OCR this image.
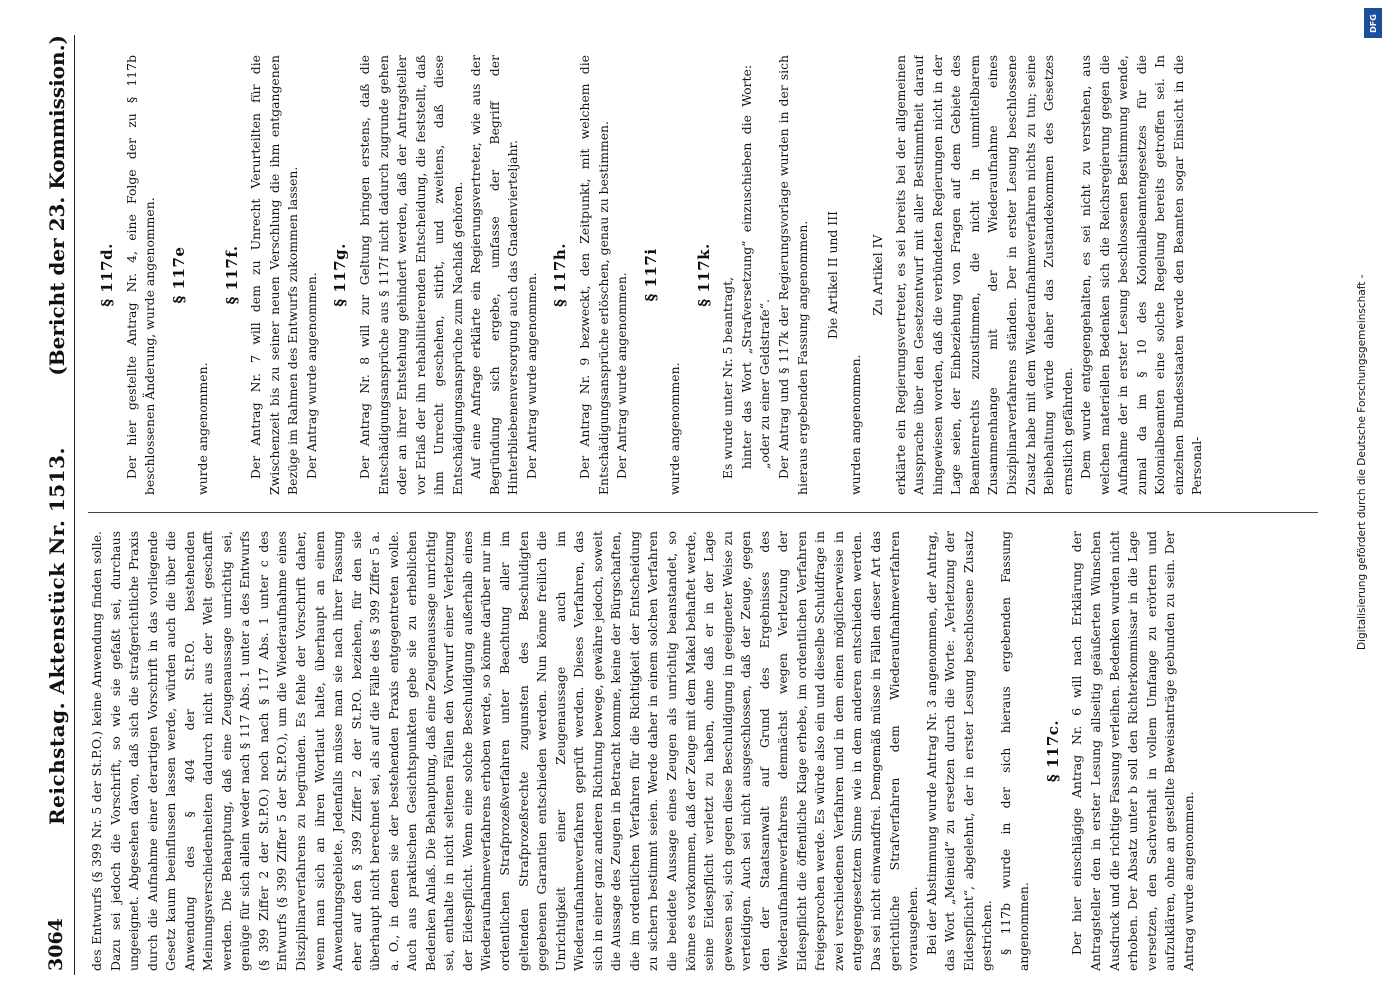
3064
Reichstag. Aktenstück Nr. 1513.
(Bericht der 23. Kommission.)

des Entwurfs (§ 399 Nr. 5 der St.P.O.) keine Anwendung finden solle. Dazu sei jedoch die Vorschrift, so wie sie gefaßt sei, durchaus ungeeignet. Abgesehen davon, daß sich die strafgerichtliche Praxis durch die Aufnahme einer derartigen Vorschrift in das vorliegende Gesetz kaum beeinflussen lassen werde, würden auch die über die Anwendung des § 404 der St.P.O. bestehenden Meinungsverschiedenheiten dadurch nicht aus der Welt geschafft werden. Die Behauptung, daß eine Zeugenaussage unrichtig sei, genüge für sich allein weder nach § 117 Abs. 1 unter a des Entwurfs (§ 399 Ziffer 2 der St.P.O.) noch nach § 117 Abs. 1 unter c des Entwurfs (§ 399 Ziffer 5 der St.P.O.), um die Wiederaufnahme eines Disziplinarverfahrens zu begründen. Es fehle der Vorschrift daher, wenn man sich an ihren Wortlaut halte, überhaupt an einem Anwendungsgebiete. Jedenfalls müsse man sie nach ihrer Fassung eher auf den § 399 Ziffer 2 der St.P.O. beziehen, für den sie überhaupt nicht berechnet sei, als auf die Fälle des § 399 Ziffer 5 a. a. O., in denen sie der bestehenden Praxis entgegentreten wolle. Auch aus praktischen Gesichtspunkten gebe sie zu erheblichen Bedenken Anlaß. Die Behauptung, daß eine Zeugenaussage unrichtig sei, enthalte in nicht seltenen Fällen den Vorwurf einer Verletzung der Eidespflicht. Wenn eine solche Beschuldigung außerhalb eines Wiederaufnahmeverfahrens erhoben werde, so könne darüber nur im ordentlichen Strafprozeßverfahren unter Beachtung aller im geltenden Strafprozeßrechte zugunsten des Beschuldigten gegebenen Garantien entschieden werden. Nun könne freilich die Unrichtigkeit einer Zeugenaussage auch im Wiederaufnahmeverfahren geprüft werden. Dieses Verfahren, das sich in einer ganz anderen Richtung bewege, gewähre jedoch, soweit die Aussage des Zeugen in Betracht komme, keine der Bürgschaften, die im ordentlichen Verfahren für die Richtigkeit der Entscheidung zu sichern bestimmt seien. Werde daher in einem solchen Verfahren die beeidete Aussage eines Zeugen als unrichtig beanstandet, so könne es vorkommen, daß der Zeuge mit dem Makel behaftet werde, seine Eidespflicht verletzt zu haben, ohne daß er in der Lage gewesen sei, sich gegen diese Beschuldigung in geeigneter Weise zu verteidigen. Auch sei nicht ausgeschlossen, daß der Zeuge, gegen den der Staatsanwalt auf Grund des Ergebnisses des Wiederaufnahmeverfahrens demnächst wegen Verletzung der Eidespflicht die öffentliche Klage erhebe, im ordentlichen Verfahren freigesprochen werde. Es würde also ein und dieselbe Schuldfrage in zwei verschiedenen Verfahren und in dem einen möglicherweise in entgegengesetztem Sinne wie in dem anderen entschieden werden. Das sei nicht einwandfrei. Demgemäß müsse in Fällen dieser Art das gerichtliche Strafverfahren dem Wiederaufnahmeverfahren vorausgehen. Bei der Abstimmung wurde Antrag Nr. 3 angenommen, der Antrag, das Wort „Meineid“ zu ersetzen durch die Worte: „Verletzung der Eidespflicht“, abgelehnt, der in erster Lesung beschlossene Zusatz gestrichen. § 117b wurde in der sich hieraus ergebenden Fassung angenommen.

§ 117c. Der hier einschlägige Antrag Nr. 6 will nach Erklärung der Antragsteller den in erster Lesung allseitig geäußerten Wünschen Ausdruck und die richtige Fassung verleihen. Bedenken wurden nicht erhoben. Der Absatz unter b soll den Richterkommissar in die Lage versetzen, den Sachverhalt in vollem Umfange zu erörtern und aufzuklären, ohne an gestellte Beweisanträge gebunden zu sein. Der Antrag wurde angenommen.

§ 117d. Der hier gestellte Antrag Nr. 4, eine Folge der zu § 117b beschlossenen Änderung, wurde angenommen. § 117e

wurde angenommen.

§ 117f. Der Antrag Nr. 7 will dem zu Unrecht Verurteilten für die Zwischenzeit bis zu seiner neuen Verschlung die ihm entgangenen Bezüge im Rahmen des Entwurfs zukommen lassen. Der Antrag wurde angenommen. § 117g. Der Antrag Nr. 8 will zur Geltung bringen erstens, daß die Entschädigungsansprüche aus § 117f nicht dadurch zugrunde gehen oder an ihrer Entstehung gehindert werden, daß der Antragsteller vor Erlaß der ihn rehabilitierenden Entscheidung, die feststellt, daß ihm Unrecht geschehen, stirbt, und zweitens, daß diese Entschädigungsansprüche zum Nachlaß gehören. Auf eine Anfrage erklärte ein Regierungsvertreter, wie aus der Begründung sich ergebe, umfasse der Begriff der Hinterbliebenenversorgung auch das Gnadenvierteljahr. Der Antrag wurde angenommen. § 117h. Der Antrag Nr. 9 bezweckt, den Zeitpunkt, mit welchem die Entschädigungsansprüche erlöschen, genau zu bestimmen. Der Antrag wurde angenommen. § 117i

wurde angenommen.

§ 117k.

Es wurde unter Nr. 5 beantragt, hinter das Wort „Strafversetzung“ einzuschieben die Worte: „oder zu einer Geldstrafe“. Der Antrag und § 117k der Regierungsvorlage wurden in der sich hieraus ergebenden Fassung angenommen. Die Artikel II und III

wurden angenommen.

Zu Artikel IV erklärte ein Regierungsvertreter, es sei bereits bei der allgemeinen Aussprache über den Gesetzentwurf mit aller Bestimmtheit darauf hingewiesen worden, daß die verbündeten Regierungen nicht in der Lage seien, der Einbeziehung von Fragen auf dem Gebiete des Beamtenrechts zuzustimmen, die nicht in unmittelbarem Zusammenhange mit der Wiederaufnahme eines Disziplinarverfahrens ständen. Der in erster Lesung beschlossene Zusatz habe mit dem Wiederaufnahmeverfahren nichts zu tun; seine Beibehaltung würde daher das Zustandekommen des Gesetzes ernstlich gefährden. Dem wurde entgegengehalten, es sei nicht zu verstehen, aus welchen materiellen Bedenken sich die Reichsregierung gegen die Aufnahme der in erster Lesung beschlossenen Bestimmung wende, zumal da im § 10 des Kolonialbeamtengesetzes für die Kolonialbeamten eine solche Regelung bereits getroffen sei. In einzelnen Bundesstaaten werde den Beamten sogar Einsicht in die Personal-

DFG
Digitalisierung gefördert durch die Deutsche Forschungsgemeinschaft -
